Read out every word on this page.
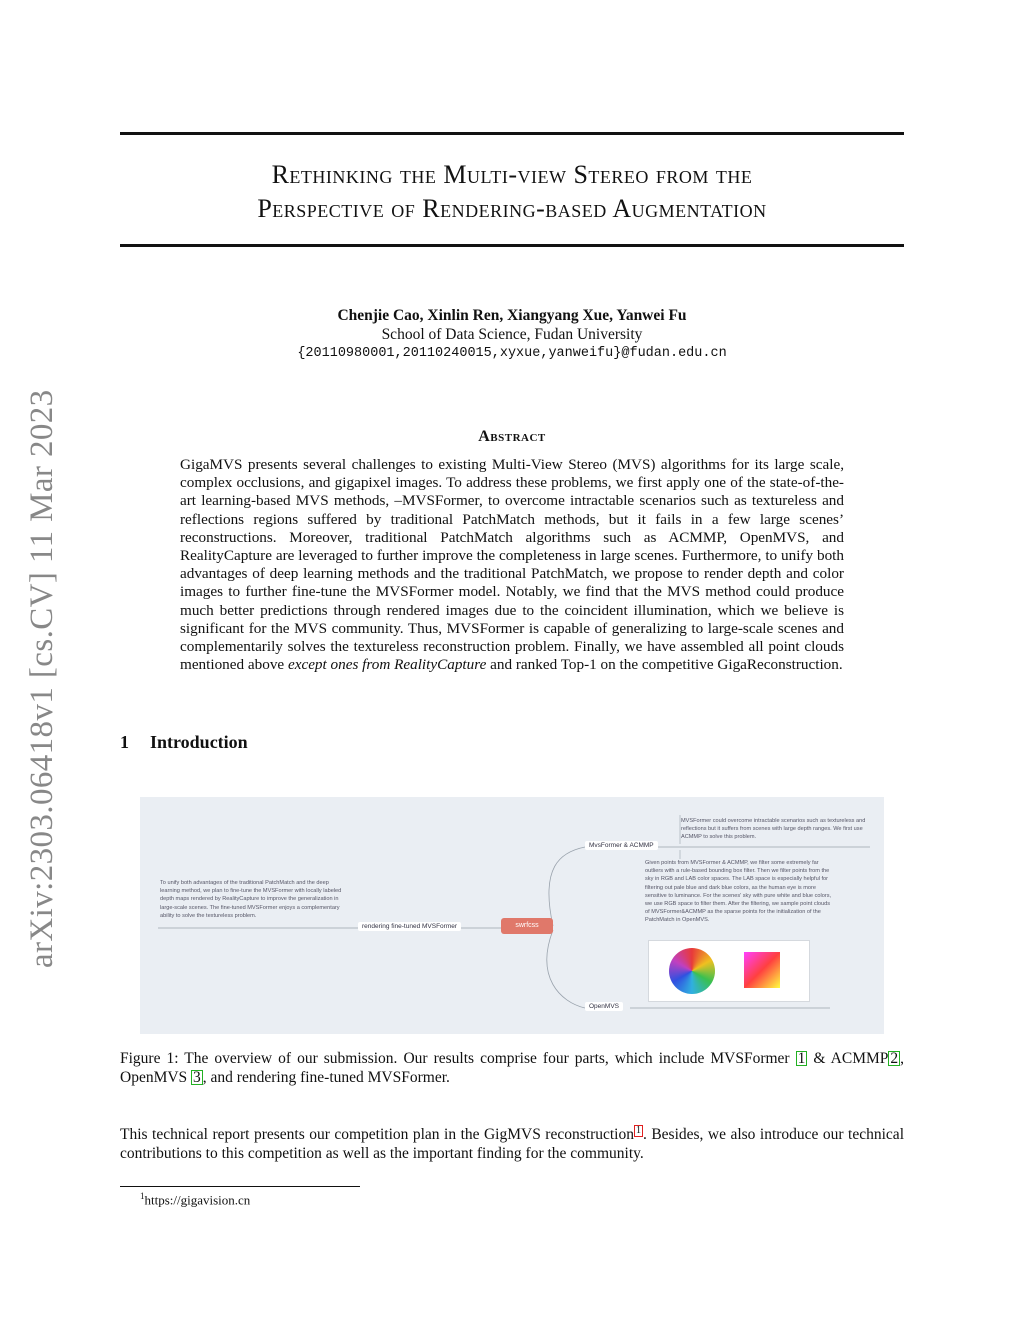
Rethinking the Multi-view Stereo from the
Perspective of Rendering-based Augmentation
Chenjie Cao, Xinlin Ren, Xiangyang Xue, Yanwei Fu
School of Data Science, Fudan University
{20110980001,20110240015,xyxue,yanweifu}@fudan.edu.cn
arXiv:2303.06418v1 [cs.CV] 11 Mar 2023	Abstract
GigaMVS presents several challenges to existing Multi-View Stereo (MVS) algorithms for its large scale, complex occlusions, and gigapixel images. To address these problems, we first apply one of the state-of-the-art learning-based MVS methods, –MVSFormer, to overcome intractable scenarios such as textureless and reflections regions suffered by traditional PatchMatch methods, but it fails in a few large scenes’ reconstructions. Moreover, traditional PatchMatch algorithms such as ACMMP, OpenMVS, and RealityCapture are leveraged to further improve the completeness in large scenes. Furthermore, to unify both advantages of deep learning methods and the traditional PatchMatch, we propose to render depth and color images to further fine-tune the MVSFormer model. Notably, we find that the MVS method could produce much better predictions through rendered images due to the coincident illumination, which we believe is significant for the MVS community. Thus, MVSFormer is capable of generalizing to large-scale scenes and complementarily solves the textureless reconstruction problem. Finally, we have assembled all point clouds mentioned above except ones from RealityCapture and ranked Top-1 on the competitive GigaReconstruction.
1 Introduction
To unify both advantages of the traditional PatchMatch and the deep learning method, we plan to fine-tune the MVSFormer with locally labeled depth maps rendered by RealityCapture to improve the generalization in large-scale scenes. The fine-tuned MVSFormer enjoys a complementary ability to solve the textureless problem.
rendering fine-tuned MVSFormer	swrfcss
MvsFormer & ACMMP
OpenMVS
MVSFormer could overcome intractable scenarios such as textureless and reflections but it suffers from scenes with large depth ranges. We first use ACMMP to solve this problem.
Given points from MVSFormer & ACMMP, we filter some extremely far outliers with a rule-based bounding box filter. Then we filter points from the sky in RGB and LAB color spaces. The LAB space is especially helpful for filtering out pale blue and dark blue colors, as the human eye is more sensitive to luminance. For the scenes' sky with pure white and blue colors, we use RGB space to filter them. After the filtering, we sample point clouds of MVSFormer&ACMMP as the sparse points for the initialization of the PatchMatch in OpenMVS.
Figure 1: The overview of our submission. Our results comprise four parts, which include MVSFormer 1 & ACMMP 2 , OpenMVS 3 , and rendering fine-tuned MVSFormer.
This technical report presents our competition plan in the GigMVS reconstruction $^1$ . Besides, we also introduce our technical contributions to this competition as well as the important finding for the community.
$^1$https://gigavision.cn
